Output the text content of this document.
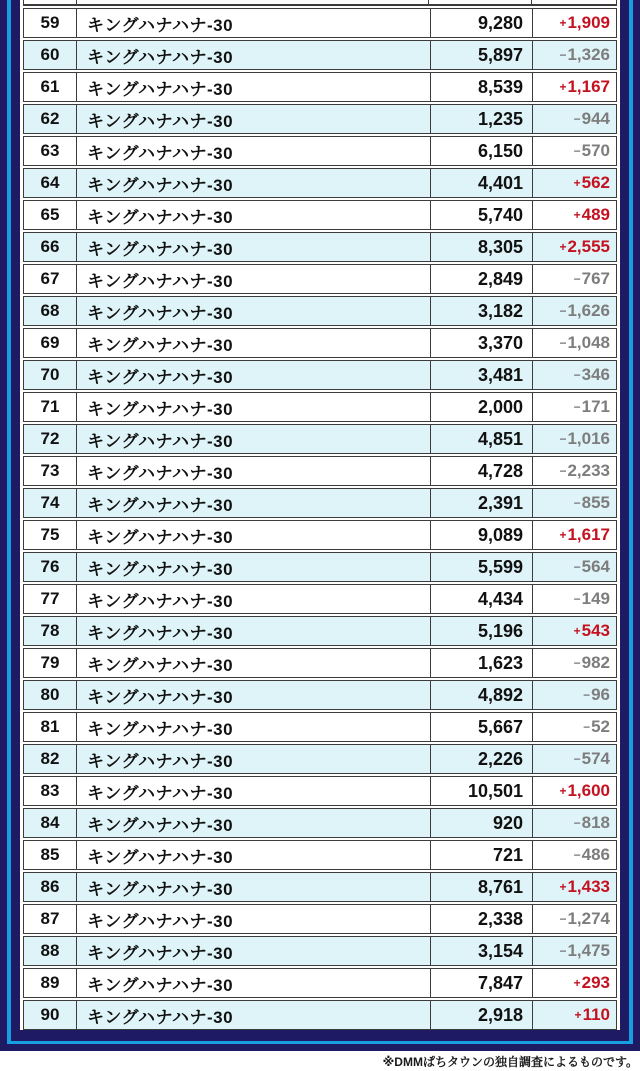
59	キングハナハナ-30	9,280	+ 1,909
60	キングハナハナ-30	5,897	− 1,326
61	キングハナハナ-30	8,539	+ 1,167
62	キングハナハナ-30	1,235	− 944
63	キングハナハナ-30	6,150	− 570
64	キングハナハナ-30	4,401	+ 562
65	キングハナハナ-30	5,740	+ 489
66	キングハナハナ-30	8,305	+ 2,555
67	キングハナハナ-30	2,849	− 767
68	キングハナハナ-30	3,182	− 1,626
69	キングハナハナ-30	3,370	− 1,048
70	キングハナハナ-30	3,481	− 346
71	キングハナハナ-30	2,000	− 171
72	キングハナハナ-30	4,851	− 1,016
73	キングハナハナ-30	4,728	− 2,233
74	キングハナハナ-30	2,391	− 855
75	キングハナハナ-30	9,089	+ 1,617
76	キングハナハナ-30	5,599	− 564
77	キングハナハナ-30	4,434	− 149
78	キングハナハナ-30	5,196	+ 543
79	キングハナハナ-30	1,623	− 982
80	キングハナハナ-30	4,892	− 96
81	キングハナハナ-30	5,667	− 52
82	キングハナハナ-30	2,226	− 574
83	キングハナハナ-30	10,501	+ 1,600
84	キングハナハナ-30	920	− 818
85	キングハナハナ-30	721	− 486
86	キングハナハナ-30	8,761	+ 1,433
87	キングハナハナ-30	2,338	− 1,274
88	キングハナハナ-30	3,154	− 1,475
89	キングハナハナ-30	7,847	+ 293
90	キングハナハナ-30	2,918	+ 110
※DMMぱちタウンの独自調査によるものです。
